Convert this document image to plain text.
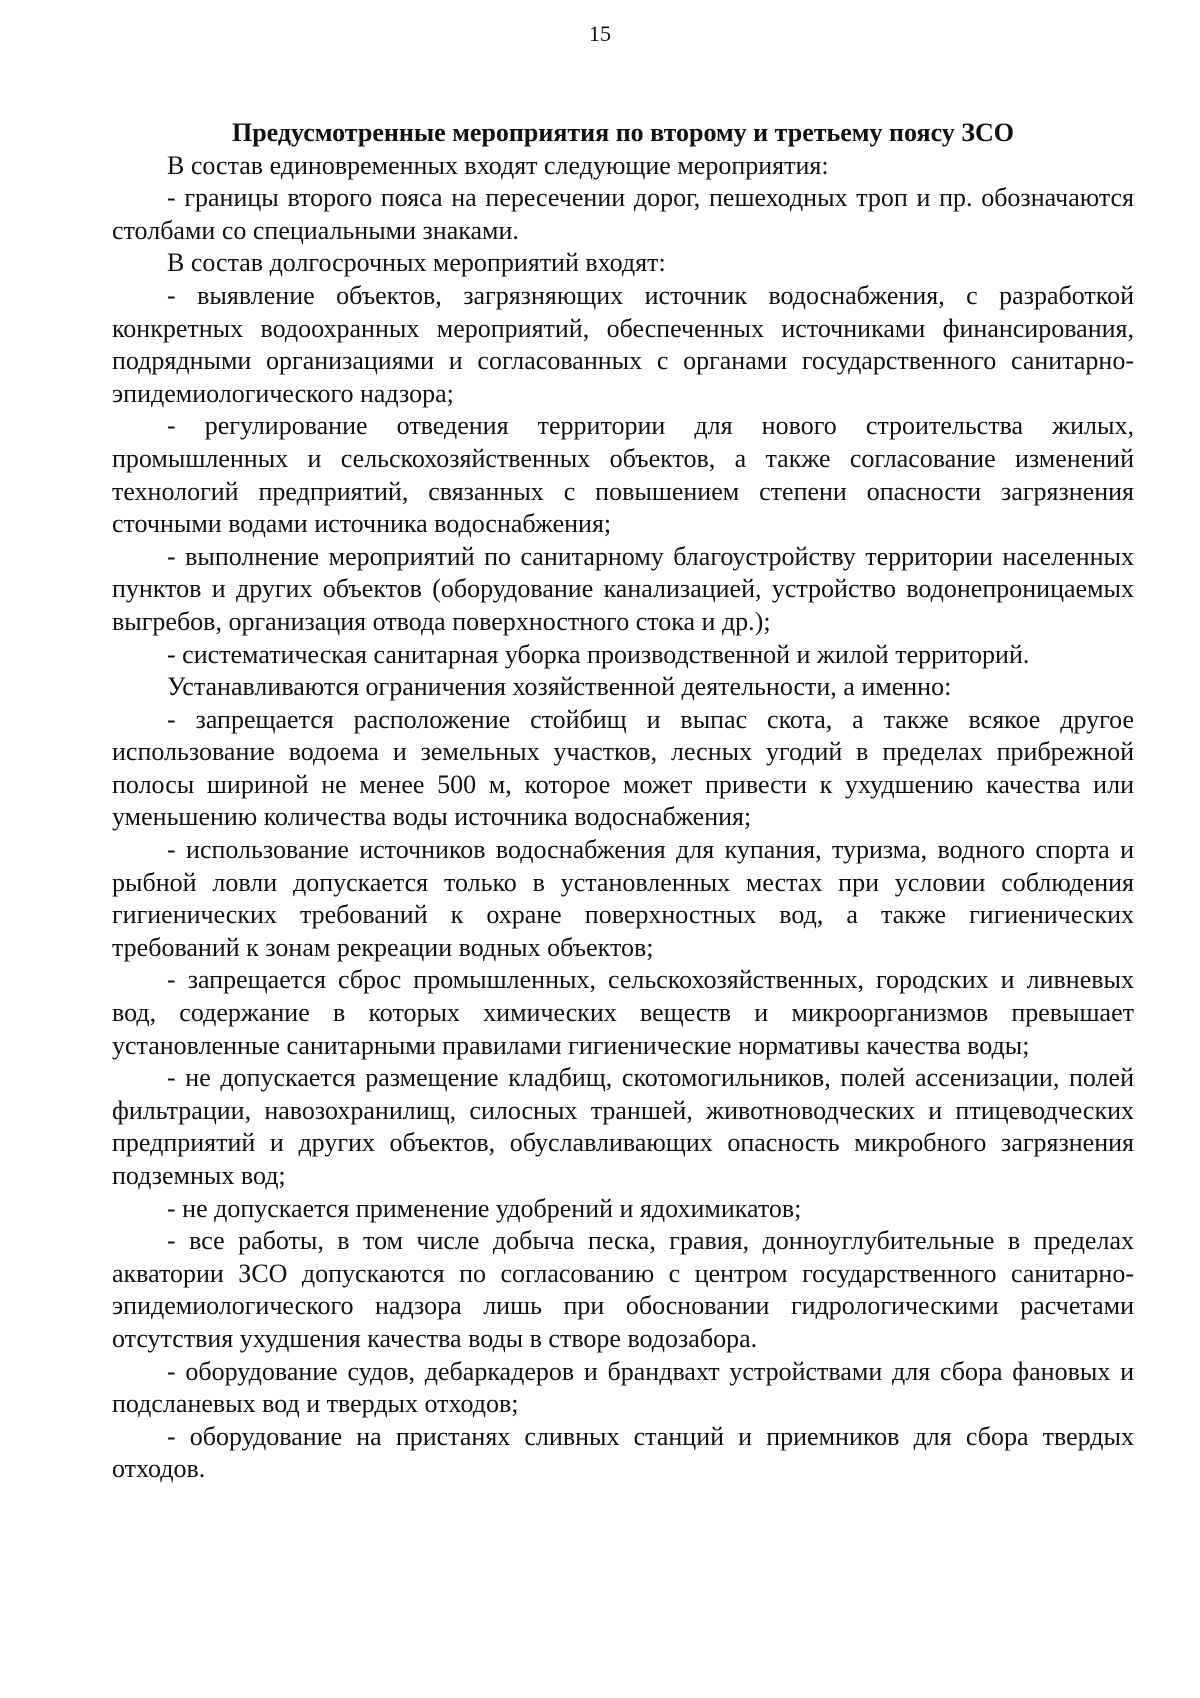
15

Предусмотренные мероприятия по второму и третьему поясу ЗСО

В состав единовременных входят следующие мероприятия:

- границы второго пояса на пересечении дорог, пешеходных троп и пр. обозначаются столбами со специальными знаками.

В состав долгосрочных мероприятий входят:

- выявление объектов, загрязняющих источник водоснабжения, с разработкой конкретных водоохранных мероприятий, обеспеченных источниками финансирования, подрядными организациями и согласованных с органами государственного санитарно-эпидемиологического надзора;

- регулирование отведения территории для нового строительства жилых, промышленных и сельскохозяйственных объектов, а также согласование изменений технологий предприятий, связанных с повышением степени опасности загрязнения сточными водами источника водоснабжения;

- выполнение мероприятий по санитарному благоустройству территории населенных пунктов и других объектов (оборудование канализацией, устройство водонепроницаемых выгребов, организация отвода поверхностного стока и др.);

- систематическая санитарная уборка производственной и жилой территорий.

Устанавливаются ограничения хозяйственной деятельности, а именно:

- запрещается расположение стойбищ и выпас скота, а также всякое другое использование водоема и земельных участков, лесных угодий в пределах прибрежной полосы шириной не менее 500 м, которое может привести к ухудшению качества или уменьшению количества воды источника водоснабжения;

- использование источников водоснабжения для купания, туризма, водного спорта и рыбной ловли допускается только в установленных местах при условии соблюдения гигиенических требований к охране поверхностных вод, а также гигиенических требований к зонам рекреации водных объектов;

- запрещается сброс промышленных, сельскохозяйственных, городских и ливневых вод, содержание в которых химических веществ и микроорганизмов превышает установленные санитарными правилами гигиенические нормативы качества воды;

- не допускается размещение кладбищ, скотомогильников, полей ассенизации, полей фильтрации, навозохранилищ, силосных траншей, животноводческих и птицеводческих предприятий и других объектов, обуславливающих опасность микробного загрязнения подземных вод;

- не допускается применение удобрений и ядохимикатов;

- все работы, в том числе добыча песка, гравия, донноуглубительные в пределах акватории ЗСО допускаются по согласованию с центром государственного санитарно-эпидемиологического надзора лишь при обосновании гидрологическими расчетами отсутствия ухудшения качества воды в створе водозабора.

- оборудование судов, дебаркадеров и брандвахт устройствами для сбора фановых и подсланевых вод и твердых отходов;

- оборудование на пристанях сливных станций и приемников для сбора твердых отходов.
